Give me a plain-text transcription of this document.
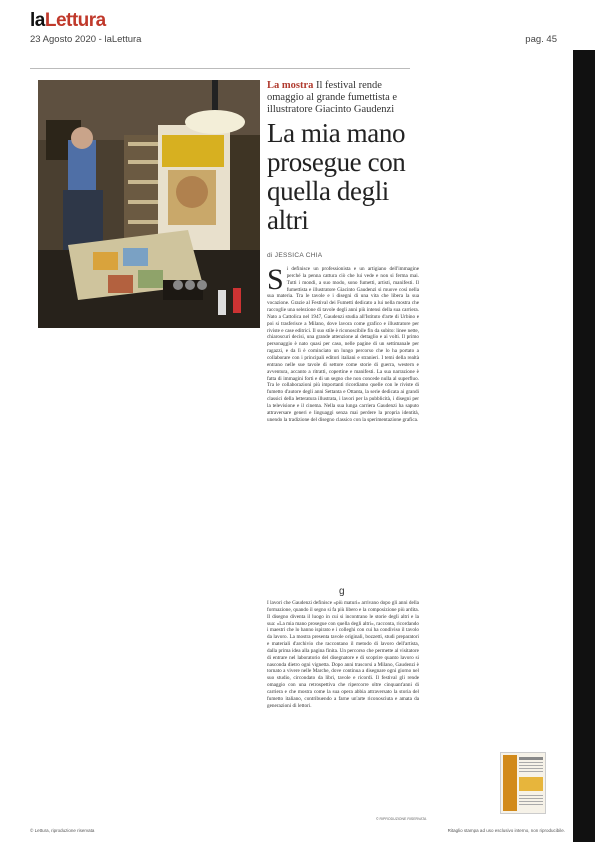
laLettura
23 Agosto 2020 - laLettura	pag. 45
La mostra Il festival rende omaggio al grande fumettista e illustratore Giacinto Gaudenzi
La mia mano prosegue con quella degli altri
di JESSICA CHIA
Si definisce un professionista e un artigiano dell'immagine perché la penna cattura ciò che lui vede e non si ferma mai. Tutti i mondi, a suo modo, sono fumetti, artisti, manifesti. Il fumettista e illustratore Giacinto Gaudenzi si muove così nella sua materia. Tra le tavole e i disegni di una vita che libera la sua vocazione. Grazie al Festival dei Fumetti dedicato a lui nella mostra che raccoglie una selezione di tavole degli anni più intensi della sua carriera. Nato a Cattolica nel 1947, Gaudenzi studia all'Istituto d'arte di Urbino e poi si trasferisce a Milano, dove lavora come grafico e illustratore per riviste e case editrici. Il suo stile è riconoscibile fin da subito: linee nette, chiaroscuri decisi, una grande attenzione al dettaglio e ai volti. Il primo personaggio è nato quasi per caso, nelle pagine di un settimanale per ragazzi, e da lì è cominciato un lungo percorso che lo ha portato a collaborare con i principali editori italiani e stranieri. I temi della realtà entrano nelle sue tavole di settore come storie di guerra, western e avventura, accanto a ritratti, copertine e manifesti. La sua narrazione è fatta di immagini forti e di un segno che non concede nulla al superfluo. Tra le collaborazioni più importanti ricordiamo quelle con le riviste di fumetto d'autore degli anni Settanta e Ottanta, la serie dedicata ai grandi classici della letteratura illustrata, i lavori per la pubblicità, i disegni per la televisione e il cinema. Nella sua lunga carriera Gaudenzi ha saputo attraversare generi e linguaggi senza mai perdere la propria identità, unendo la tradizione del disegno classico con la sperimentazione grafica.
g
I lavori che Gaudenzi definisce «più maturi» arrivano dopo gli anni della formazione, quando il segno si fa più libero e la composizione più ardita. Il disegno diventa il luogo in cui si incontrano le storie degli altri e la sua: «La mia mano prosegue con quella degli altri», racconta, ricordando i maestri che lo hanno ispirato e i colleghi con cui ha condiviso il tavolo da lavoro. La mostra presenta tavole originali, bozzetti, studi preparatori e materiali d'archivio che raccontano il metodo di lavoro dell'artista, dalla prima idea alla pagina finita. Un percorso che permette al visitatore di entrare nel laboratorio del disegnatore e di scoprire quanto lavoro si nasconda dietro ogni vignetta. Dopo anni trascorsi a Milano, Gaudenzi è tornato a vivere nelle Marche, dove continua a disegnare ogni giorno nel suo studio, circondato da libri, tavole e ricordi. Il festival gli rende omaggio con una retrospettiva che ripercorre oltre cinquant'anni di carriera e che mostra come la sua opera abbia attraversato la storia del fumetto italiano, contribuendo a farne un'arte riconosciuta e amata da generazioni di lettori.
© RIPRODUZIONE RISERVATA
© Lettura, riproduzione riservata	Ritaglio stampa ad uso esclusivo interno, non riproducibile.
